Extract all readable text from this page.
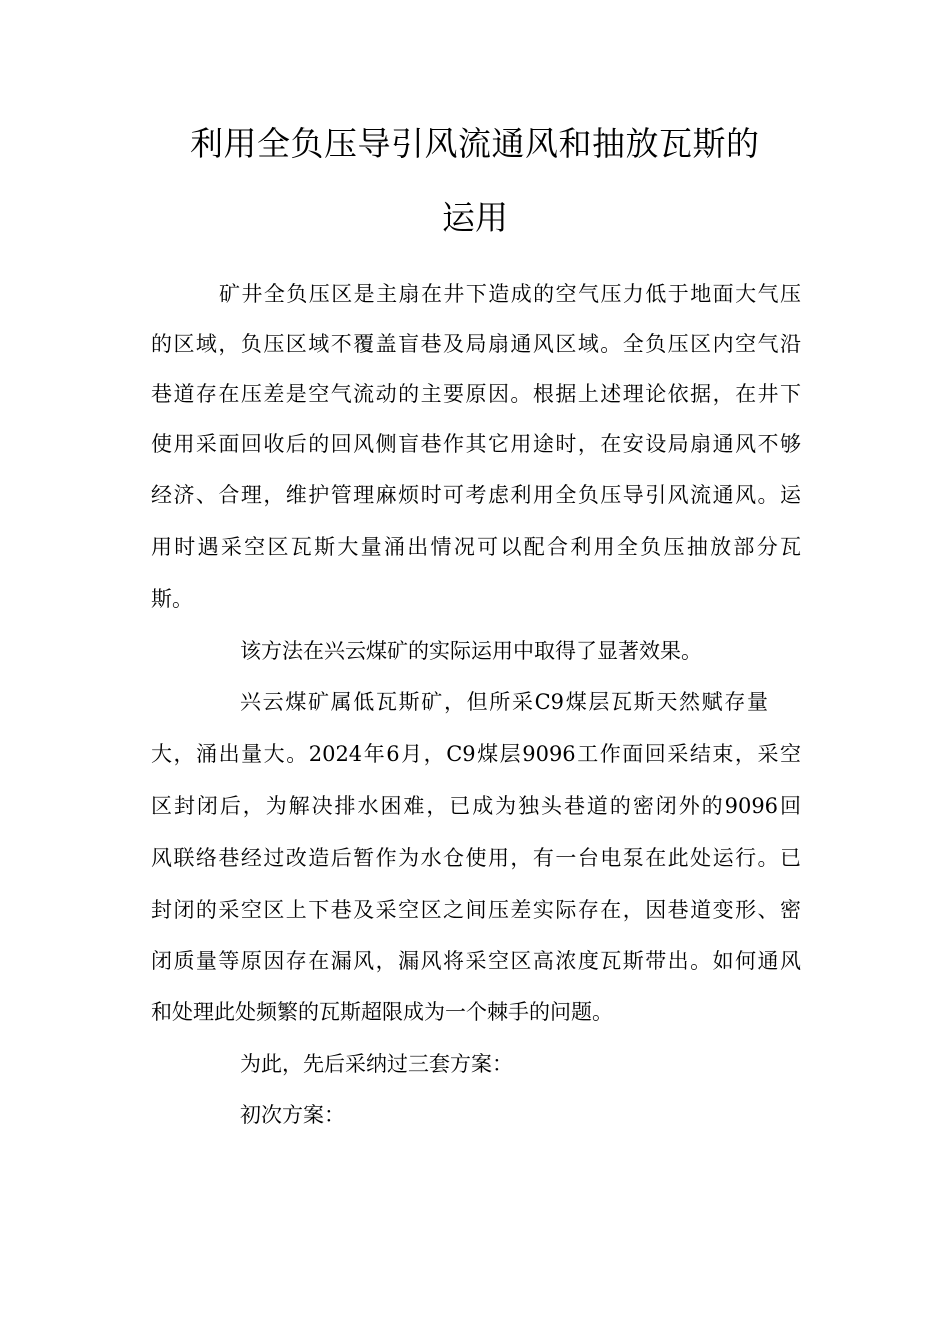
利用全负压导引风流通风和抽放瓦斯的
运用
矿井全负压区是主扇在井下造成的空气压力低于地面大气压
的区域，负压区域不覆盖盲巷及局扇通风区域。全负压区内空气沿
巷道存在压差是空气流动的主要原因。根据上述理论依据，在井下
使用采面回收后的回风侧盲巷作其它用途时，在安设局扇通风不够
经济、合理，维护管理麻烦时可考虑利用全负压导引风流通风。运
用时遇采空区瓦斯大量涌出情况可以配合利用全负压抽放部分瓦
斯。
该方法在兴云煤矿的实际运用中取得了显著效果。
兴云煤矿属低瓦斯矿，但所采C9煤层瓦斯天然赋存量
大，涌出量大。2024年6月，C9煤层9096工作面回采结束，采空
区封闭后，为解决排水困难，已成为独头巷道的密闭外的9096回
风联络巷经过改造后暂作为水仓使用，有一台电泵在此处运行。已
封闭的采空区上下巷及采空区之间压差实际存在，因巷道变形、密
闭质量等原因存在漏风，漏风将采空区高浓度瓦斯带出。如何通风
和处理此处频繁的瓦斯超限成为一个棘手的问题。
为此，先后采纳过三套方案：
初次方案：
